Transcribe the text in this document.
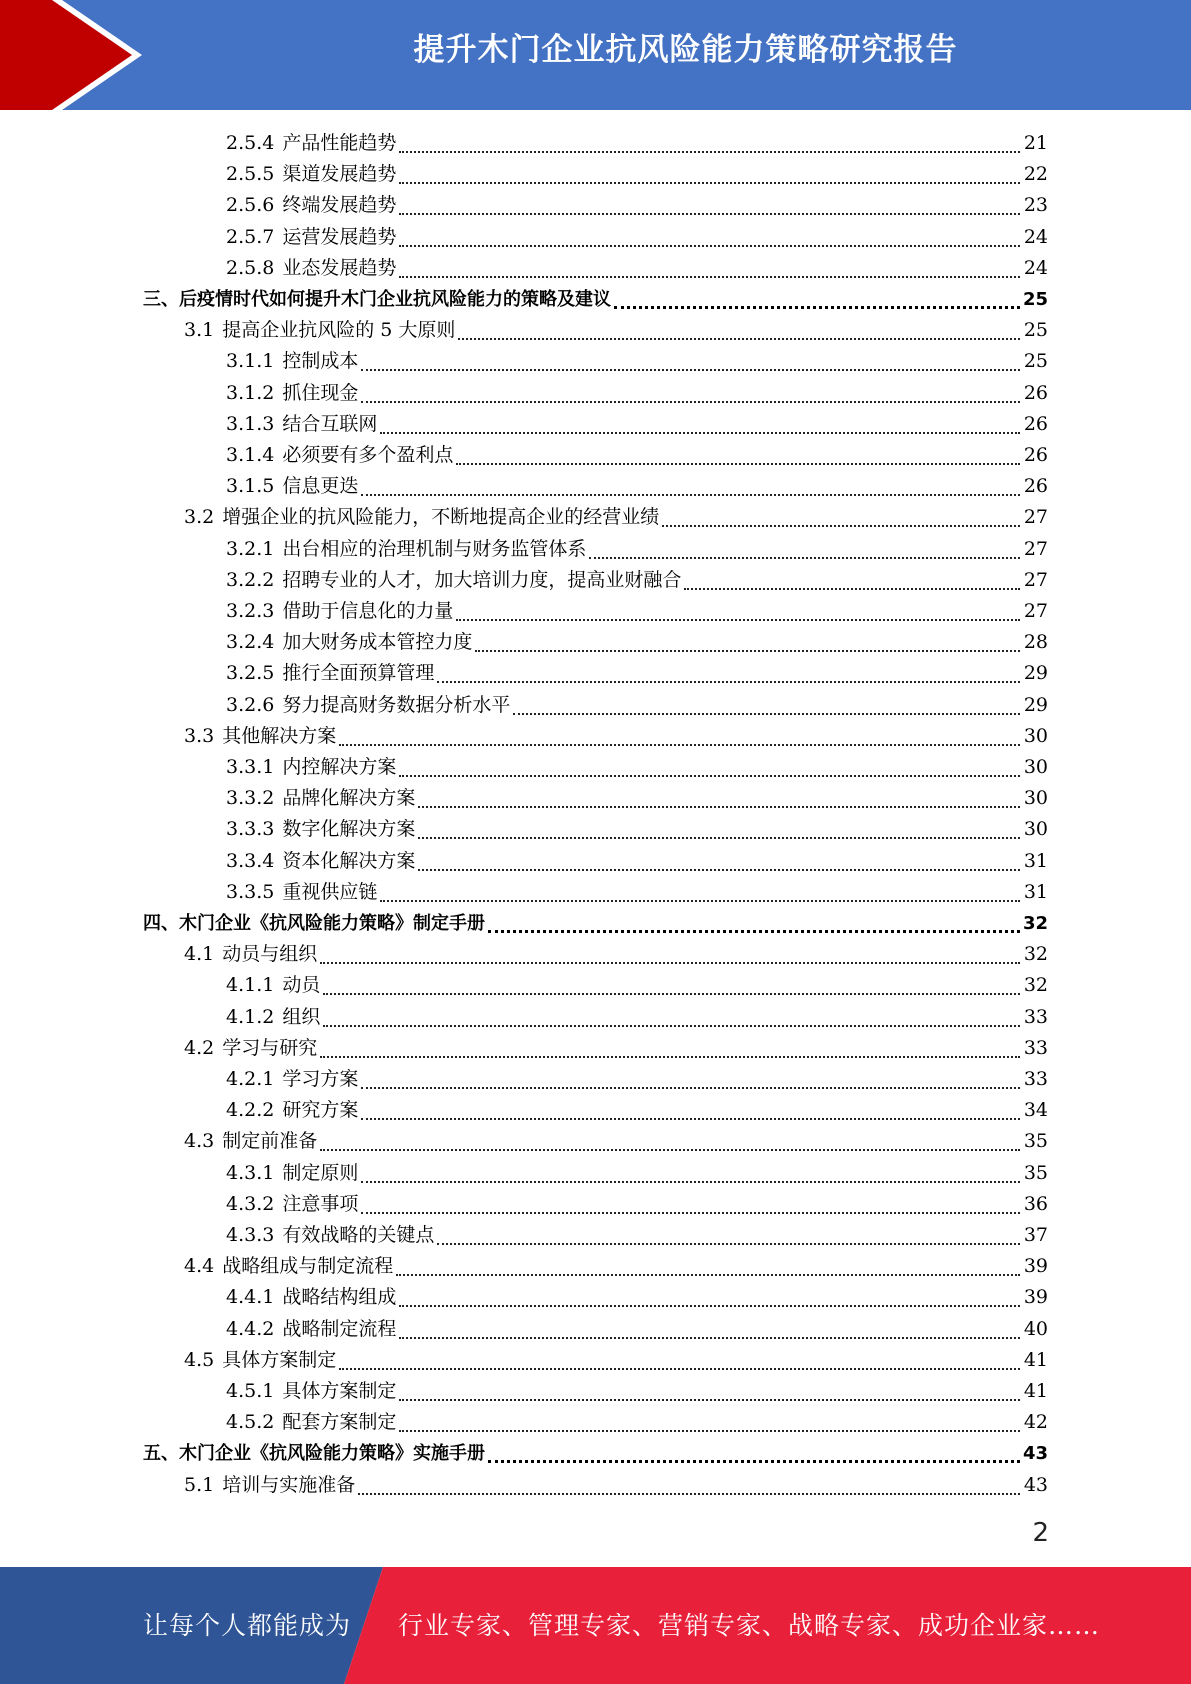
提升木门企业抗风险能力策略研究报告
2.5.4 产品性能趋势	21
2.5.5 渠道发展趋势	22
2.5.6 终端发展趋势	23
2.5.7 运营发展趋势	24
2.5.8 业态发展趋势	24
三、 后疫情时代如何提升木门企业抗风险能力的策略及建议	25
3.1 提高企业抗风险的 5 大原则	25
3.1.1 控制成本	25
3.1.2 抓住现金	26
3.1.3 结合互联网	26
3.1.4 必须要有多个盈利点	26
3.1.5 信息更迭	26
3.2 增强企业的抗风险能力，不断地提高企业的经营业绩	27
3.2.1 出台相应的治理机制与财务监管体系	27
3.2.2 招聘专业的人才，加大培训力度，提高业财融合	27
3.2.3 借助于信息化的力量	27
3.2.4 加大财务成本管控力度	28
3.2.5 推行全面预算管理	29
3.2.6 努力提高财务数据分析水平	29
3.3 其他解决方案	30
3.3.1 内控解决方案	30
3.3.2 品牌化解决方案	30
3.3.3 数字化解决方案	30
3.3.4 资本化解决方案	31
3.3.5 重视供应链	31
四、 木门企业《抗风险能力策略》制定手册	32
4.1 动员与组织	32
4.1.1 动员	32
4.1.2 组织	33
4.2 学习与研究	33
4.2.1 学习方案	33
4.2.2 研究方案	34
4.3 制定前准备	35
4.3.1 制定原则	35
4.3.2 注意事项	36
4.3.3 有效战略的关键点	37
4.4 战略组成与制定流程	39
4.4.1 战略结构组成	39
4.4.2 战略制定流程	40
4.5 具体方案制定	41
4.5.1 具体方案制定	41
4.5.2 配套方案制定	42
五、 木门企业《抗风险能力策略》实施手册	43
5.1 培训与实施准备	43
2
让每个人都能成为 行业专家、管理专家、营销专家、战略专家、成功企业家……
